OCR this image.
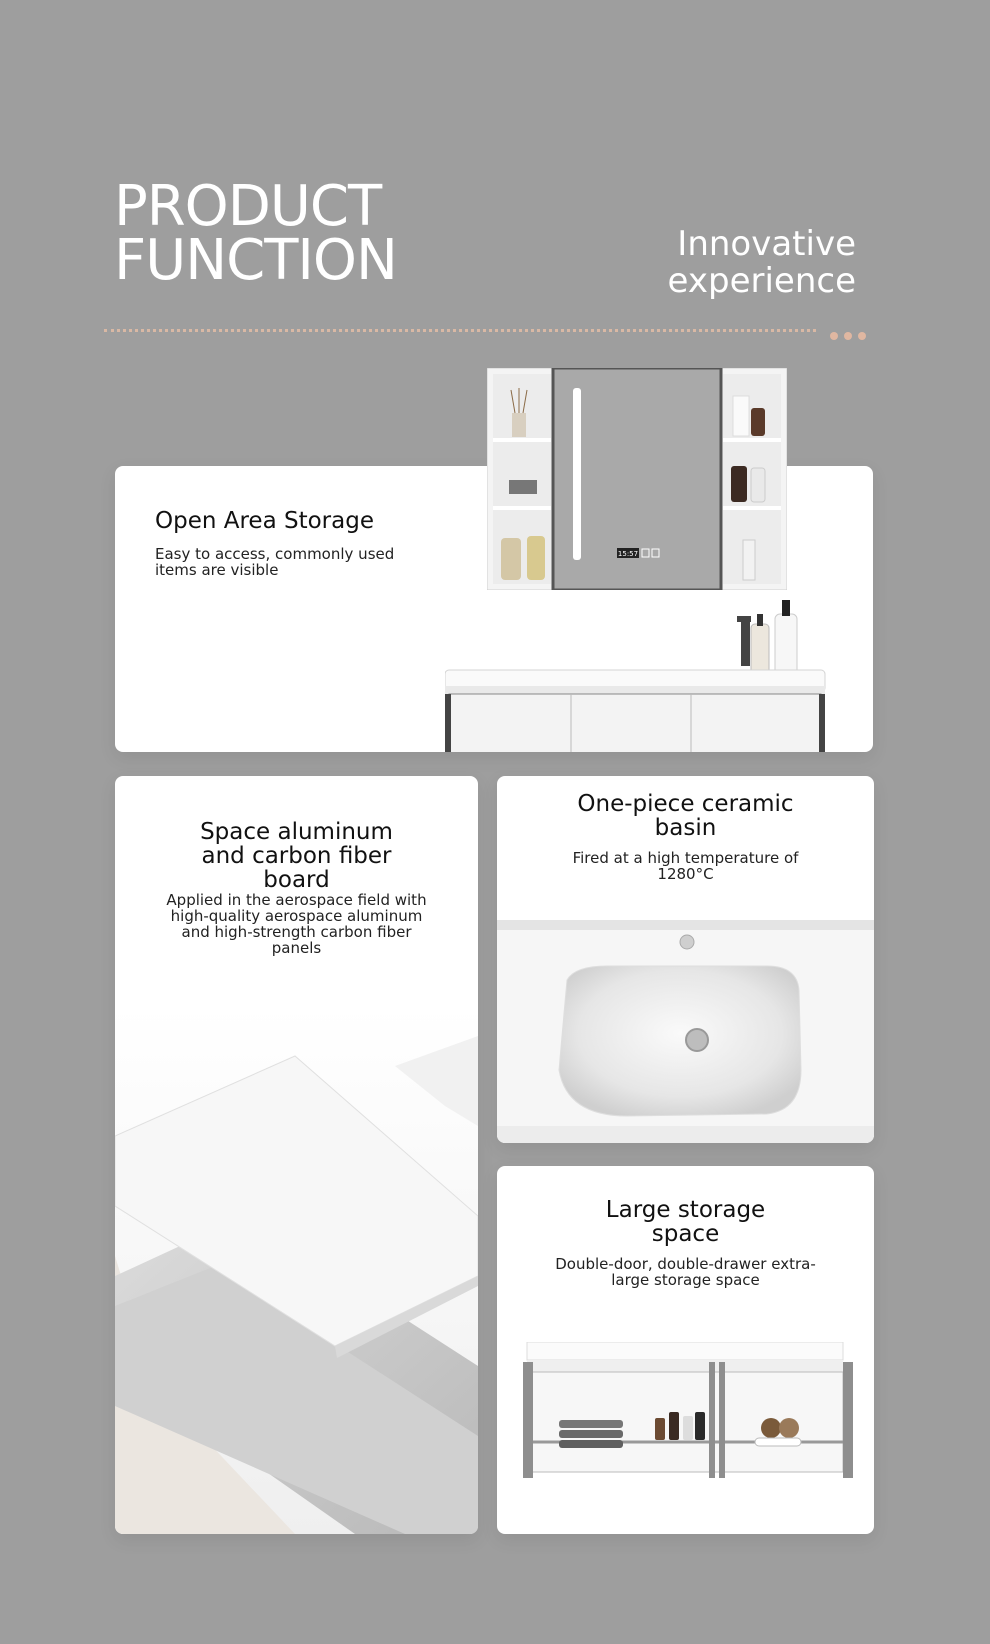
PRODUCT
FUNCTION	Innovative
experience
Open Area Storage

Easy to access, commonly used items are visible

15:57
Space aluminum and carbon fiber board

Applied in the aerospace field with high-quality aerospace aluminum and high-strength carbon fiber panels

One-piece ceramic basin

Fired at a high temperature of 1280°C

Large storage space

Double-door, double-drawer extra-large storage space
